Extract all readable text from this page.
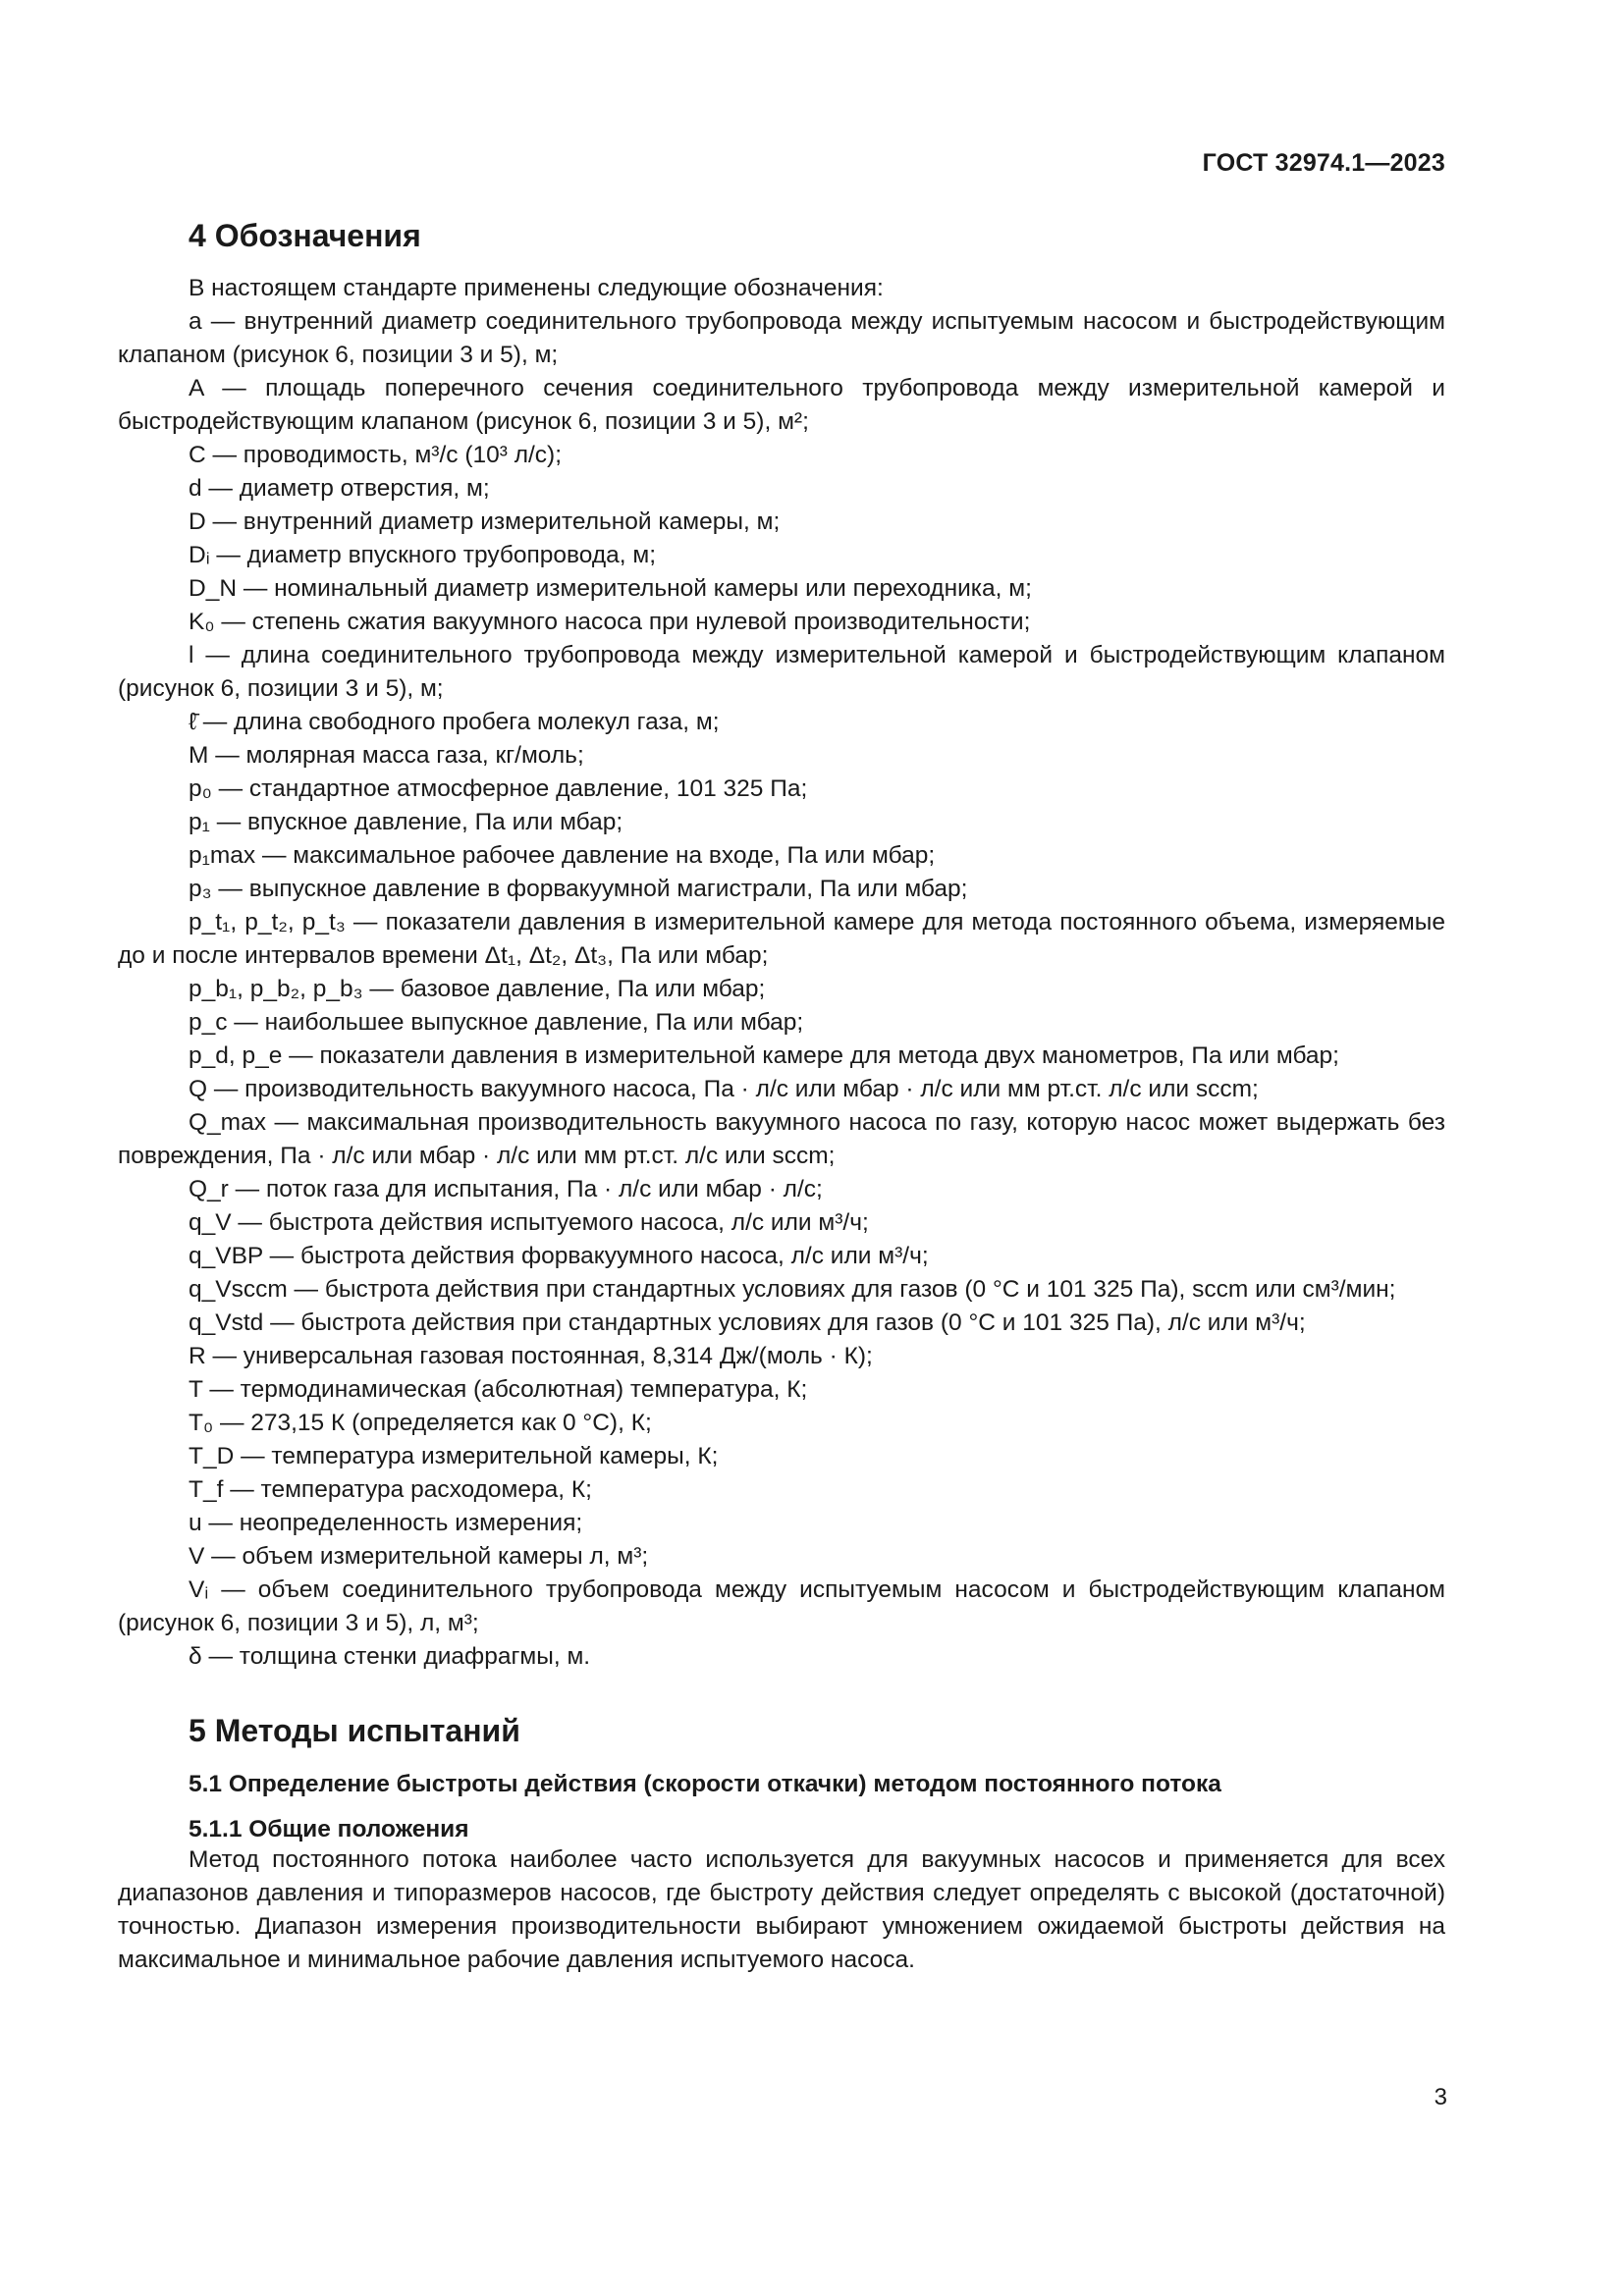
ГОСТ 32974.1—2023
4 Обозначения

В настоящем стандарте применены следующие обозначения:

a — внутренний диаметр соединительного трубопровода между испытуемым насосом и быстродействующим клапаном (рисунок 6, позиции 3 и 5), м;

A — площадь поперечного сечения соединительного трубопровода между измерительной камерой и быстродействующим клапаном (рисунок 6, позиции 3 и 5), м²;

C — проводимость, м³/с (10³ л/с);

d — диаметр отверстия, м;

D — внутренний диаметр измерительной камеры, м;

Dᵢ — диаметр впускного трубопровода, м;

D_N — номинальный диаметр измерительной камеры или переходника, м;

K₀ — степень сжатия вакуумного насоса при нулевой производительности;

l — длина соединительного трубопровода между измерительной камерой и быстродействующим клапаном (рисунок 6, позиции 3 и 5), м;

ℓ̄ — длина свободного пробега молекул газа, м;

M — молярная масса газа, кг/моль;

p₀ — стандартное атмосферное давление, 101 325 Па;

p₁ — впускное давление, Па или мбар;

p₁max — максимальное рабочее давление на входе, Па или мбар;

p₃ — выпускное давление в форвакуумной магистрали, Па или мбар;

p_t₁, p_t₂, p_t₃ — показатели давления в измерительной камере для метода постоянного объема, измеряемые до и после интервалов времени Δt₁, Δt₂, Δt₃, Па или мбар;

p_b₁, p_b₂, p_b₃ — базовое давление, Па или мбар;

p_c — наибольшее выпускное давление, Па или мбар;

p_d, p_e — показатели давления в измерительной камере для метода двух манометров, Па или мбар;

Q — производительность вакуумного насоса, Па · л/с или мбар · л/с или мм рт.ст. л/с или sccm;

Q_max — максимальная производительность вакуумного насоса по газу, которую насос может выдержать без повреждения, Па · л/с или мбар · л/с или мм рт.ст. л/с или sccm;

Q_r — поток газа для испытания, Па · л/с или мбар · л/с;

q_V — быстрота действия испытуемого насоса, л/с или м³/ч;

q_VBP — быстрота действия форвакуумного насоса, л/с или м³/ч;

q_Vsccm — быстрота действия при стандартных условиях для газов (0 °C и 101 325 Па), sccm или см³/мин;

q_Vstd — быстрота действия при стандартных условиях для газов (0 °C и 101 325 Па), л/с или м³/ч;

R — универсальная газовая постоянная, 8,314 Дж/(моль · К);

T — термодинамическая (абсолютная) температура, К;

T₀ — 273,15 К (определяется как 0 °C), К;

T_D — температура измерительной камеры, К;

T_f — температура расходомера, К;

u — неопределенность измерения;

V — объем измерительной камеры л, м³;

Vᵢ — объем соединительного трубопровода между испытуемым насосом и быстродействующим клапаном (рисунок 6, позиции 3 и 5), л, м³;

δ — толщина стенки диафрагмы, м.

5 Методы испытаний
5.1 Определение быстроты действия (скорости откачки) методом постоянного потока
5.1.1 Общие положения

Метод постоянного потока наиболее часто используется для вакуумных насосов и применяется для всех диапазонов давления и типоразмеров насосов, где быстроту действия следует определять с высокой (достаточной) точностью. Диапазон измерения производительности выбирают умножением ожидаемой быстроты действия на максимальное и минимальное рабочие давления испытуемого насоса.

3
